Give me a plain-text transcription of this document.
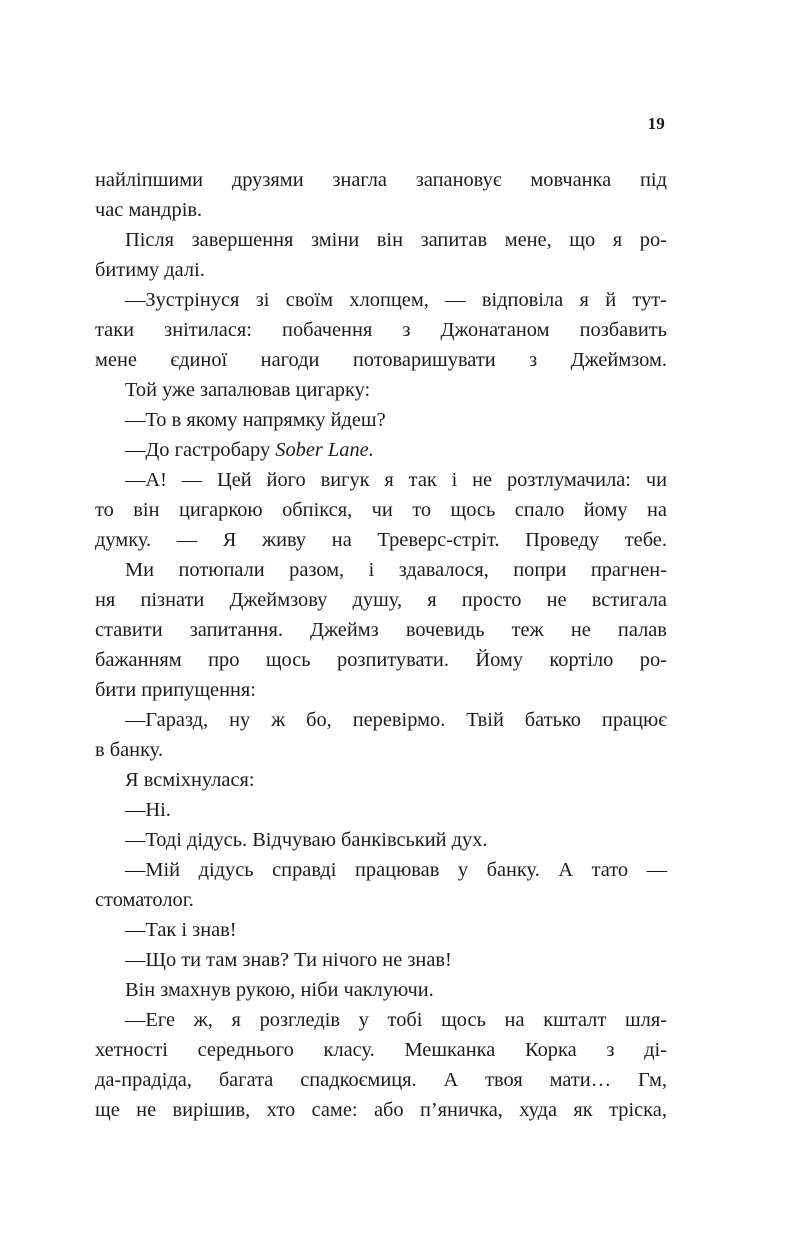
19
найліпшими друзями знагла запановує мовчанка під
час мандрів.
Після завершення зміни він запитав мене, що я ро-
битиму далі.
—Зустрінуся зі своїм хлопцем, — відповіла я й тут-
таки знітилася: побачення з Джонатаном позбавить
мене єдиної нагоди потоваришувати з Джеймзом.
Той уже запалював цигарку:
—То в якому напрямку йдеш?
—До гастробару Sober Lane.
—А! — Цей його вигук я так і не розтлумачила: чи
то він цигаркою обпікся, чи то щось спало йому на
думку. — Я живу на Треверс-стріт. Проведу тебе.
Ми потюпали разом, і здавалося, попри прагнен-
ня пізнати Джеймзову душу, я просто не встигала
ставити запитання. Джеймз вочевидь теж не палав
бажанням про щось розпитувати. Йому кортіло ро-
бити припущення:
—Гаразд, ну ж бо, перевірмо. Твій батько працює
в банку.
Я всміхнулася:
—Ні.
—Тоді дідусь. Відчуваю банківський дух.
—Мій дідусь справді працював у банку. А тато —
стоматолог.
—Так і знав!
—Що ти там знав? Ти нічого не знав!
Він змахнув рукою, ніби чаклуючи.
—Еге ж, я розгледів у тобі щось на кшталт шля-
хетності середнього класу. Мешканка Корка з ді-
да-прадіда, багата спадкоємиця. А твоя мати… Гм,
ще не вирішив, хто саме: або п’яничка, худа як тріска,
